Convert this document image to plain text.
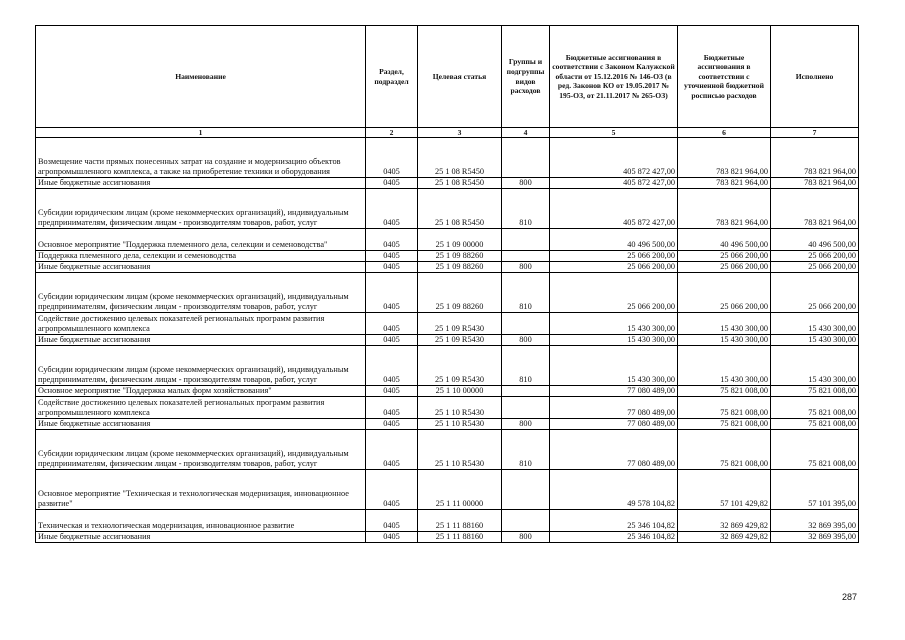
Наименование	Раздел, подраздел	Целевая статья	Группы и подгруппы видов расходов	Бюджетные ассигнования в соответствии с Законом Калужской области от 15.12.2016 № 146-ОЗ (в ред. Законов КО от 19.05.2017 № 195-ОЗ, от 21.11.2017 № 265-ОЗ)	Бюджетные ассигнования в соответствии с уточненной бюджетной росписью расходов	Исполнено
1	2	3	4	5	6	7
Возмещение части прямых понесенных затрат на создание и модернизацию объектов агропромышленного комплекса, а также на приобретение техники и оборудования	0405	25 1 08 R5450		405 872 427,00	783 821 964,00	783 821 964,00
Иные бюджетные ассигнования	0405	25 1 08 R5450	800	405 872 427,00	783 821 964,00	783 821 964,00
Субсидии юридическим лицам (кроме некоммерческих организаций), индивидуальным предпринимателям, физическим лицам - производителям товаров, работ, услуг	0405	25 1 08 R5450	810	405 872 427,00	783 821 964,00	783 821 964,00
Основное мероприятие "Поддержка племенного дела, селекции и семеноводства"	0405	25 1 09 00000		40 496 500,00	40 496 500,00	40 496 500,00
Поддержка племенного дела, селекции и семеноводства	0405	25 1 09 88260		25 066 200,00	25 066 200,00	25 066 200,00
Иные бюджетные ассигнования	0405	25 1 09 88260	800	25 066 200,00	25 066 200,00	25 066 200,00
Субсидии юридическим лицам (кроме некоммерческих организаций), индивидуальным предпринимателям, физическим лицам - производителям товаров, работ, услуг	0405	25 1 09 88260	810	25 066 200,00	25 066 200,00	25 066 200,00
Содействие достижению целевых показателей региональных программ развития агропромышленного комплекса	0405	25 1 09 R5430		15 430 300,00	15 430 300,00	15 430 300,00
Иные бюджетные ассигнования	0405	25 1 09 R5430	800	15 430 300,00	15 430 300,00	15 430 300,00
Субсидии юридическим лицам (кроме некоммерческих организаций), индивидуальным предпринимателям, физическим лицам - производителям товаров, работ, услуг	0405	25 1 09 R5430	810	15 430 300,00	15 430 300,00	15 430 300,00
Основное мероприятие "Поддержка малых форм хозяйствования"	0405	25 1 10 00000		77 080 489,00	75 821 008,00	75 821 008,00
Содействие достижению целевых показателей региональных программ развития агропромышленного комплекса	0405	25 1 10 R5430		77 080 489,00	75 821 008,00	75 821 008,00
Иные бюджетные ассигнования	0405	25 1 10 R5430	800	77 080 489,00	75 821 008,00	75 821 008,00
Субсидии юридическим лицам (кроме некоммерческих организаций), индивидуальным предпринимателям, физическим лицам - производителям товаров, работ, услуг	0405	25 1 10 R5430	810	77 080 489,00	75 821 008,00	75 821 008,00
Основное мероприятие "Техническая и технологическая модернизация, инновационное развитие"	0405	25 1 11 00000		49 578 104,82	57 101 429,82	57 101 395,00
Техническая и технологическая модернизация, инновационное развитие	0405	25 1 11 88160		25 346 104,82	32 869 429,82	32 869 395,00
Иные бюджетные ассигнования	0405	25 1 11 88160	800	25 346 104,82	32 869 429,82	32 869 395,00
287
